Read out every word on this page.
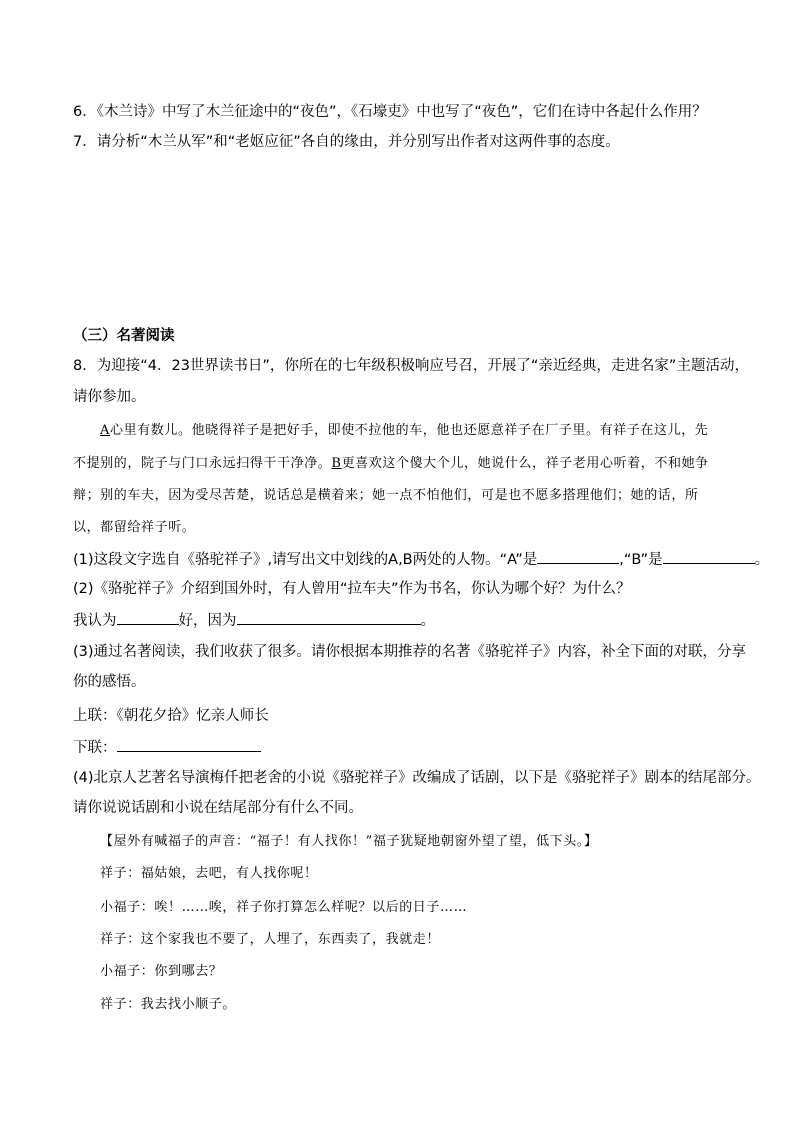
6．《木兰诗》中写了木兰征途中的“夜色”，《石壕吏》中也写了“夜色”，它们在诗中各起什么作用？
7．请分析“木兰从军”和“老妪应征”各自的缘由，并分别写出作者对这两件事的态度。
（三）名著阅读
8．为迎接“4．23世界读书日”，你所在的七年级积极响应号召，开展了“亲近经典，走进名家”主题活动，
请你参加。
A心里有数儿。他晓得祥子是把好手，即使不拉他的车，他也还愿意祥子在厂子里。有祥子在这儿，先
不提别的，院子与门口永远扫得干干净净。B更喜欢这个傻大个儿，她说什么，祥子老用心听着，不和她争
辩；别的车夫，因为受尽苦楚，说话总是横着来；她一点不怕他们，可是也不愿多搭理他们；她的话，所
以，都留给祥子听。
(1)这段文字选自《骆驼祥子》,请写出文中划线的A,B两处的人物。“A”是	,“B”是	。
(2)《骆驼祥子》介绍到国外时，有人曾用“拉车夫”作为书名，你认为哪个好？为什么？
我认为	好，因为	。
(3)通过名著阅读，我们收获了很多。请你根据本期推荐的名著《骆驼祥子》内容，补全下面的对联，分享
你的感悟。
上联：《朝花夕拾》忆亲人师长
下联：
(4)北京人艺著名导演梅仟把老舍的小说《骆驼祥子》改编成了话剧，以下是《骆驼祥子》剧本的结尾部分。
请你说说话剧和小说在结尾部分有什么不同。
【屋外有喊福子的声音：“福子！有人找你！”福子犹疑地朝窗外望了望，低下头。】
祥子：福姑娘，去吧，有人找你呢！
小福子：唉！……唉，祥子你打算怎么样呢？以后的日子……
祥子：这个家我也不要了，人埋了，东西卖了，我就走！
小福子：你到哪去？
祥子：我去找小顺子。
